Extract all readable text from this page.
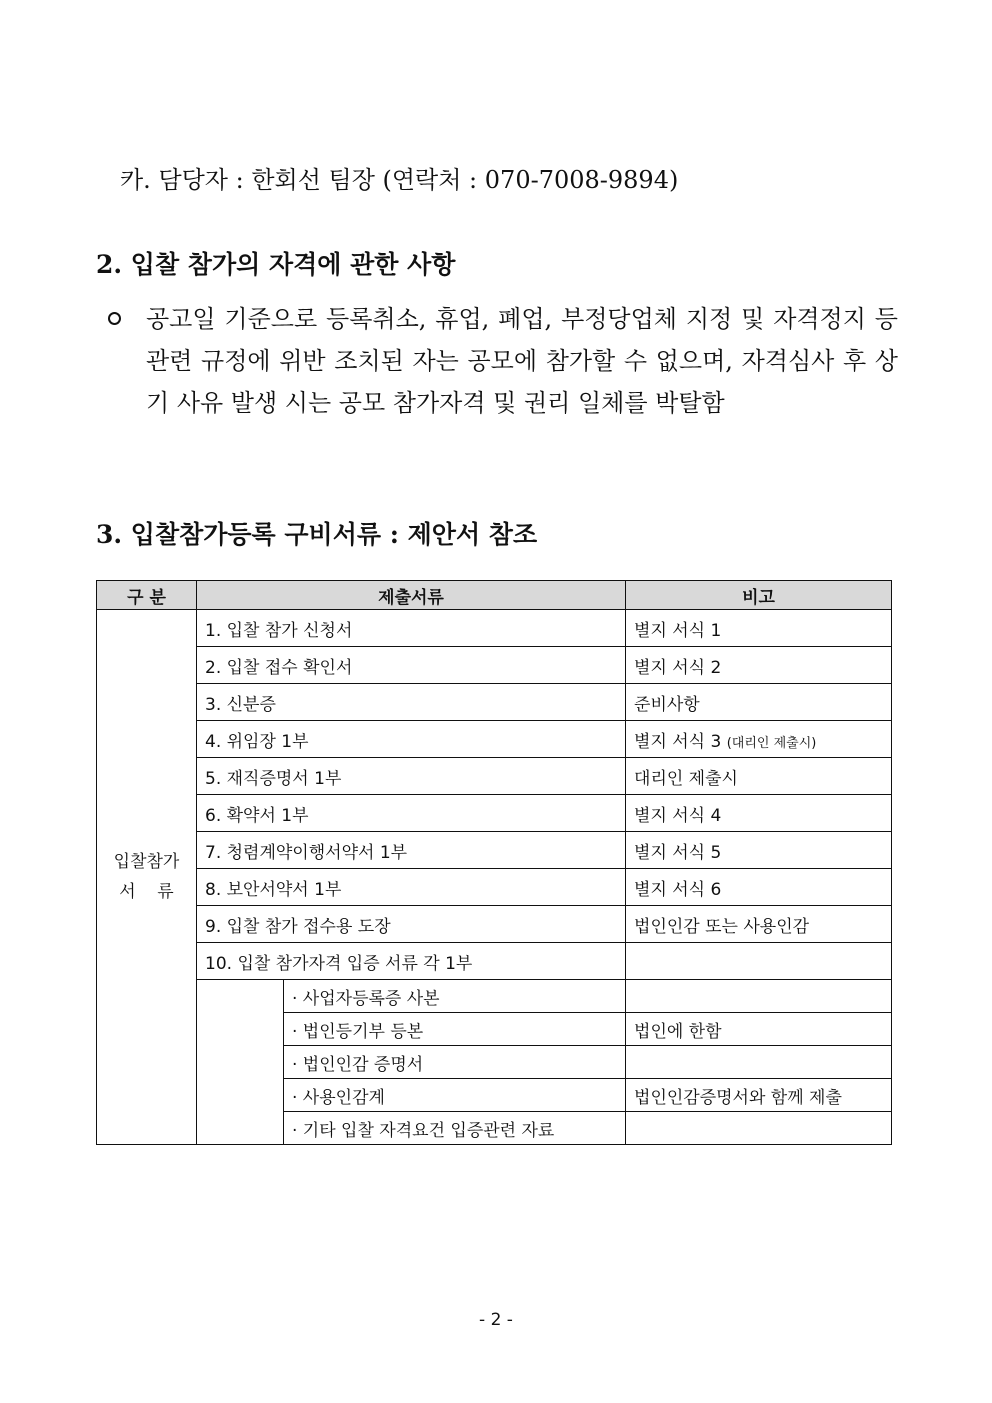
카. 담당자 : 한회선 팀장 (연락처 : 070-7008-9894)
2. 입찰 참가의 자격에 관한 사항
공고일 기준으로 등록취소, 휴업, 폐업, 부정당업체 지정 및 자격정지 등 관련 규정에 위반 조치된 자는 공모에 참가할 수 없으며, 자격심사 후 상기 사유 발생 시는 공모 참가자격 및 권리 일체를 박탈함
3. 입찰참가등록 구비서류 : 제안서 참조
구 분	제출서류		비고

입찰참가
서    류	1. 입찰 참가 신청서		별지 서식 1
	2. 입찰 접수 확인서		별지 서식 2
	3. 신분증		준비사항
	4. 위임장 1부		별지 서식 3 (대리인 제출시)
	5. 재직증명서 1부		대리인 제출시
	6. 확약서 1부		별지 서식 4
	7. 청렴계약이행서약서 1부		별지 서식 5
	8. 보안서약서 1부		별지 서식 6
	9. 입찰 참가 접수용 도장		법인인감 또는 사용인감
	10. 입찰 참가자격 입증 서류 각 1부		
		· 사업자등록증 사본	
		· 법인등기부 등본	법인에 한함
		· 법인인감 증명서	
		· 사용인감계	법인인감증명서와 함께 제출
		· 기타 입찰 자격요건 입증관련 자료	
- 2 -
